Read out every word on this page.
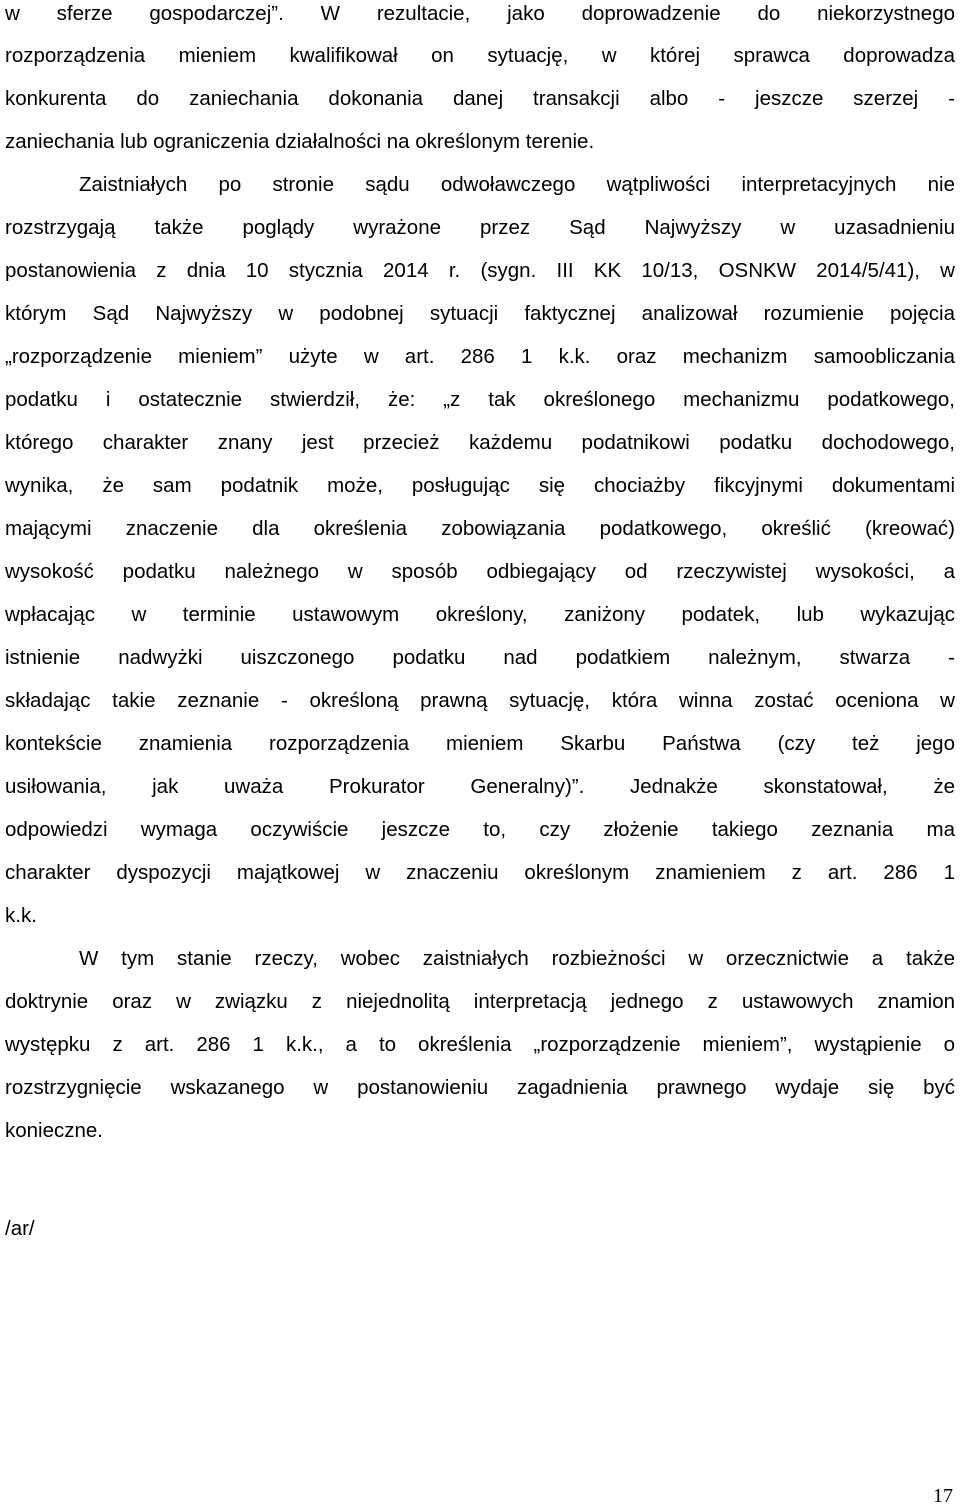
w sferze gospodarczej”. W rezultacie, jako doprowadzenie do niekorzystnego
rozporządzenia mieniem kwalifikował on sytuację, w której sprawca doprowadza
konkurenta do zaniechania dokonania danej transakcji albo - jeszcze szerzej -
zaniechania lub ograniczenia działalności na określonym terenie.
Zaistniałych po stronie sądu odwoławczego wątpliwości interpretacyjnych nie
rozstrzygają także poglądy wyrażone przez Sąd Najwyższy w uzasadnieniu
postanowienia z dnia 10 stycznia 2014 r. (sygn. III KK 10/13, OSNKW 2014/5/41), w
którym Sąd Najwyższy w podobnej sytuacji faktycznej analizował rozumienie pojęcia
„rozporządzenie mieniem” użyte w art. 286 1 k.k. oraz mechanizm samoobliczania
podatku i ostatecznie stwierdził, że: „z tak określonego mechanizmu podatkowego,
którego charakter znany jest przecież każdemu podatnikowi podatku dochodowego,
wynika, że sam podatnik może, posługując się chociażby fikcyjnymi dokumentami
mającymi znaczenie dla określenia zobowiązania podatkowego, określić (kreować)
wysokość podatku należnego w sposób odbiegający od rzeczywistej wysokości, a
wpłacając w terminie ustawowym określony, zaniżony podatek, lub wykazując
istnienie nadwyżki uiszczonego podatku nad podatkiem należnym, stwarza -
składając takie zeznanie - określoną prawną sytuację, która winna zostać oceniona w
kontekście znamienia rozporządzenia mieniem Skarbu Państwa (czy też jego
usiłowania, jak uważa Prokurator Generalny)”. Jednakże skonstatował, że
odpowiedzi wymaga oczywiście jeszcze to, czy złożenie takiego zeznania ma
charakter dyspozycji majątkowej w znaczeniu określonym znamieniem z art. 286 1
k.k.
W tym stanie rzeczy, wobec zaistniałych rozbieżności w orzecznictwie a także
doktrynie oraz w związku z niejednolitą interpretacją jednego z ustawowych znamion
występku z art. 286 1 k.k., a to określenia „rozporządzenie mieniem”, wystąpienie o
rozstrzygnięcie wskazanego w postanowieniu zagadnienia prawnego wydaje się być
konieczne.
/ar/
17
